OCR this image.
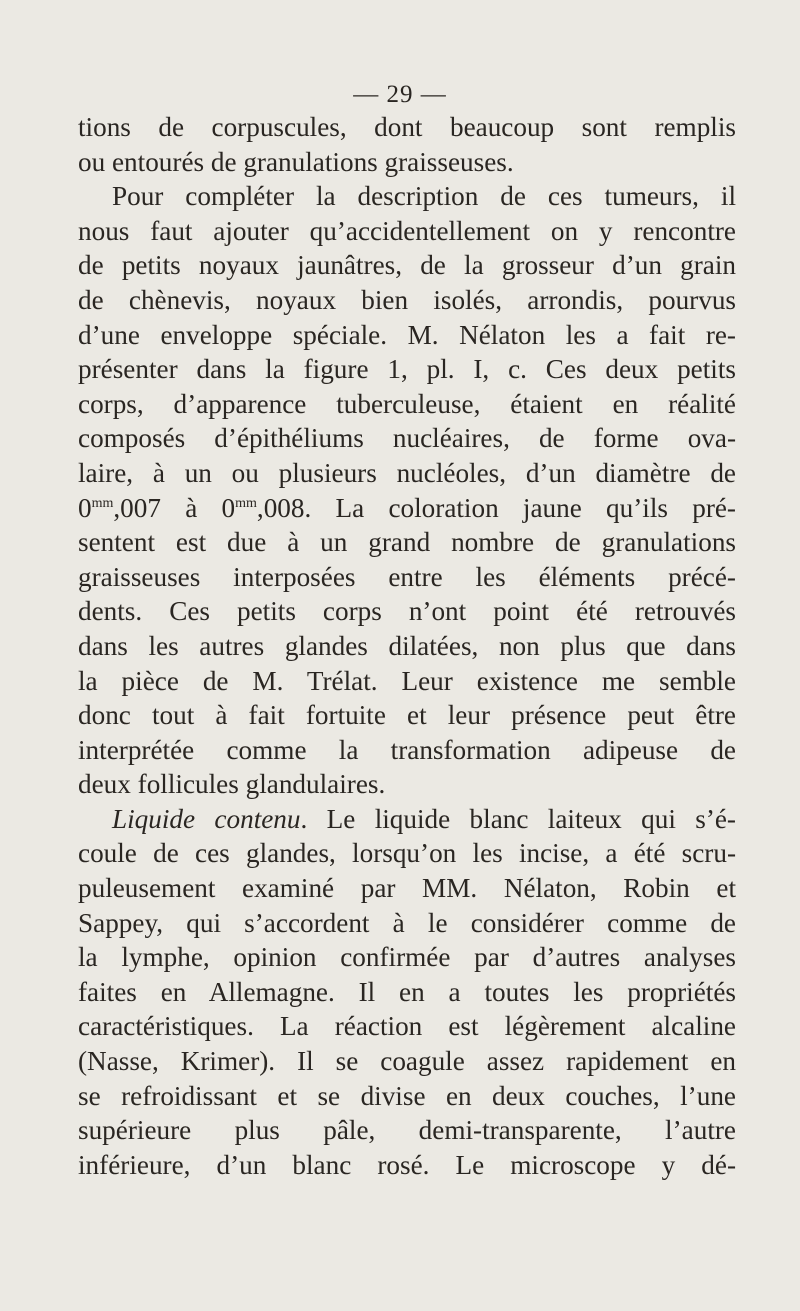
— 29 —
tions de corpuscules, dont beaucoup sont remplis
ou entourés de granulations graisseuses.
Pour compléter la description de ces tumeurs, il
nous faut ajouter qu’accidentellement on y rencontre
de petits noyaux jaunâtres, de la grosseur d’un grain
de chènevis, noyaux bien isolés, arrondis, pourvus
d’une enveloppe spéciale. M. Nélaton les a fait re-
présenter dans la figure 1, pl. I, c. Ces deux petits
corps, d’apparence tuberculeuse, étaient en réalité
composés d’épithéliums nucléaires, de forme ova-
laire, à un ou plusieurs nucléoles, d’un diamètre de
$0^{mm},007$ à $0^{mm},008$. La coloration jaune qu’ils pré-
sentent est due à un grand nombre de granulations
graisseuses interposées entre les éléments précé-
dents. Ces petits corps n’ont point été retrouvés
dans les autres glandes dilatées, non plus que dans
la pièce de M. Trélat. Leur existence me semble
donc tout à fait fortuite et leur présence peut être
interprétée comme la transformation adipeuse de
deux follicules glandulaires.
Liquide contenu. Le liquide blanc laiteux qui s’é-
coule de ces glandes, lorsqu’on les incise, a été scru-
puleusement examiné par MM. Nélaton, Robin et
Sappey, qui s’accordent à le considérer comme de
la lymphe, opinion confirmée par d’autres analyses
faites en Allemagne. Il en a toutes les propriétés
caractéristiques. La réaction est légèrement alcaline
(Nasse, Krimer). Il se coagule assez rapidement en
se refroidissant et se divise en deux couches, l’une
supérieure plus pâle, demi-transparente, l’autre
inférieure, d’un blanc rosé. Le microscope y dé-
